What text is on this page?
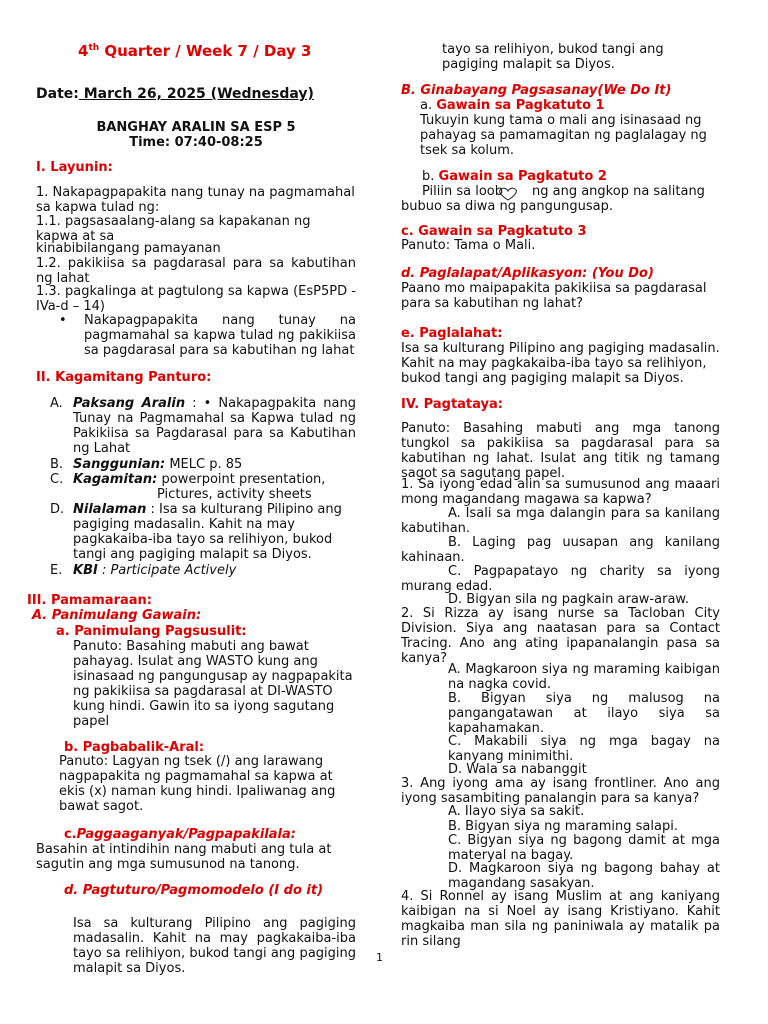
4th Quarter / Week 7 / Day 3
Date: March 26, 2025 (Wednesday)
BANGHAY ARALIN SA ESP 5
Time: 07:40-08:25
I. Layunin:
1. Nakapagpapakita nang tunay na pagmamahal sa kapwa tulad ng:
1.1. pagsasaalang-alang sa kapakanan ng kapwa at sa
kinabibilangang pamayanan
1.2. pakikiisa sa pagdarasal para sa kabutihan ng lahat
1.3. pagkalinga at pagtulong sa kapwa (EsP5PD - IVa-d – 14)
• Nakapagpapakita nang tunay na pagmamahal sa kapwa tulad ng pakikiisa sa pagdarasal para sa kabutihan ng lahat
II. Kagamitang Panturo:
A. Paksang Aralin : • Nakapagpakita nang Tunay na Pagmamahal sa Kapwa tulad ng Pakikiisa sa Pagdarasal para sa Kabutihan ng Lahat
B. Sanggunian: MELC p. 85
C. Kagamitan: powerpoint presentation,
Pictures, activity sheets
D. Nilalaman : Isa sa kulturang Pilipino ang pagiging madasalin. Kahit na may pagkakaiba-iba tayo sa relihiyon, bukod tangi ang pagiging malapit sa Diyos.
E. KBI : Participate Actively
III. Pamamaraan:
A. Panimulang Gawain:
a. Panimulang Pagsusulit:
Panuto: Basahing mabuti ang bawat pahayag. Isulat ang WASTO kung ang isinasaad ng pangungusap ay nagpapakita ng pakikiisa sa pagdarasal at DI-WASTO kung hindi. Gawin ito sa iyong sagutang papel
b. Pagbabalik-Aral:
Panuto: Lagyan ng tsek (/) ang larawang nagpapakita ng pagmamahal sa kapwa at ekis (x) naman kung hindi. Ipaliwanag ang bawat sagot.
c.Paggaaganyak/Pagpapakilala:
Basahin at intindihin nang mabuti ang tula at sagutin ang mga sumusunod na tanong.
d. Pagtuturo/Pagmomodelo (I do it)
Isa sa kulturang Pilipino ang pagiging madasalin. Kahit na may pagkakaiba-iba tayo sa relihiyon, bukod tangi ang pagiging malapit sa Diyos.
tayo sa relihiyon, bukod tangi ang pagiging malapit sa Diyos.
B. Ginabayang Pagsasanay(We Do It)
a. Gawain sa Pagkatuto 1
Tukuyin kung tama o mali ang isinasaad ng pahayag sa pamamagitan ng paglalagay ng tsek sa kolum.
b. Gawain sa Pagkatuto 2
Piliin sa loob ng ang angkop na salitang
bubuo sa diwa ng pangungusap.
c. Gawain sa Pagkatuto 3
Panuto: Tama o Mali.
d. Paglalapat/Aplikasyon: (You Do)
Paano mo maipapakita pakikiisa sa pagdarasal para sa kabutihan ng lahat?
e. Paglalahat:
Isa sa kulturang Pilipino ang pagiging madasalin. Kahit na may pagkakaiba-iba tayo sa relihiyon, bukod tangi ang pagiging malapit sa Diyos.
IV. Pagtataya:
Panuto: Basahing mabuti ang mga tanong tungkol sa pakikiisa sa pagdarasal para sa kabutihan ng lahat. Isulat ang titik ng tamang sagot sa sagutang papel.
1. Sa iyong edad alin sa sumusunod ang maaari mong magandang magawa sa kapwa?
A. Isali sa mga dalangin para sa kanilang kabutihan.
B. Laging pag uusapan ang kanilang kahinaan.
C. Pagpapatayo ng charity sa iyong murang edad.
D. Bigyan sila ng pagkain araw-araw.
2. Si Rizza ay isang nurse sa Tacloban City Division. Siya ang naatasan para sa Contact Tracing. Ano ang ating ipapanalangin pasa sa kanya?
A. Magkaroon siya ng maraming kaibigan na nagka covid.
B. Bigyan siya ng malusog na pangangatawan at ilayo siya sa kapahamakan.
C. Makabili siya ng mga bagay na kanyang minimithi.
D. Wala sa nabanggit
3. Ang iyong ama ay isang frontliner. Ano ang iyong sasambiting panalangin para sa kanya?
A. Ilayo siya sa sakit.
B. Bigyan siya ng maraming salapi.
C. Bigyan siya ng bagong damit at mga materyal na bagay.
D. Magkaroon siya ng bagong bahay at magandang sasakyan.
4. Si Ronnel ay isang Muslim at ang kaniyang kaibigan na si Noel ay isang Kristiyano. Kahit magkaiba man sila ng paniniwala ay matalik pa rin silang
1
